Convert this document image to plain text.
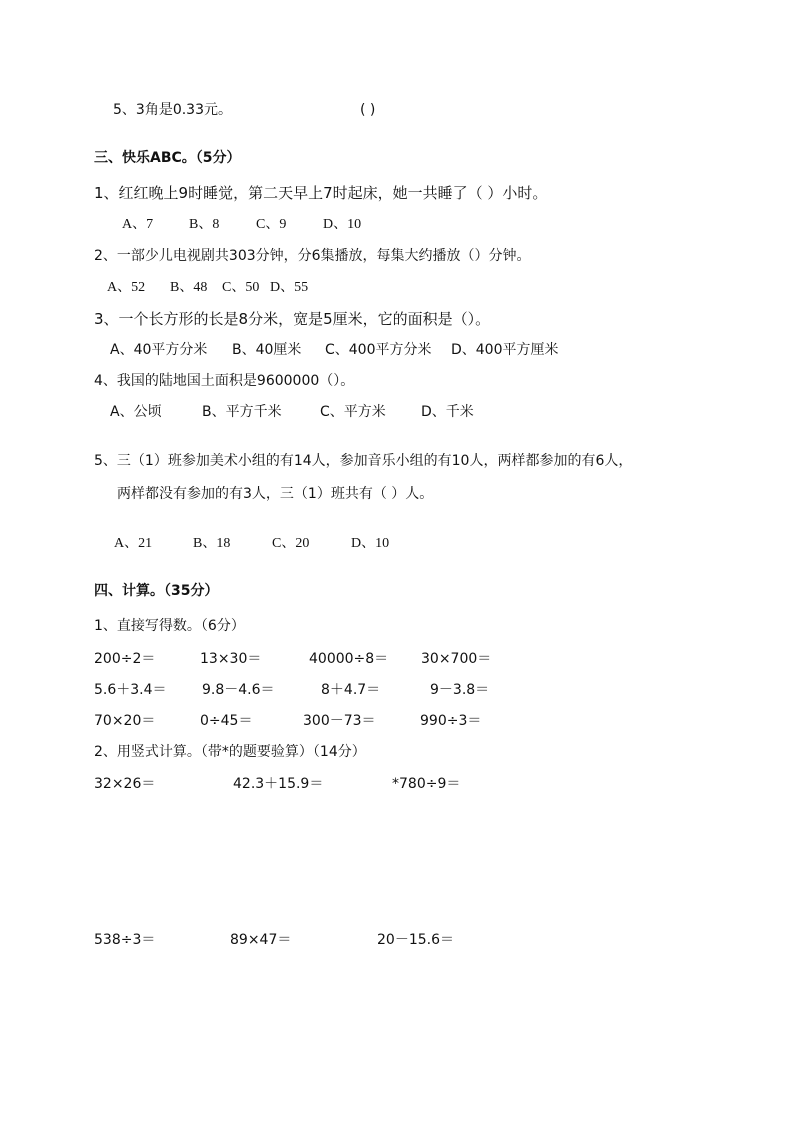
5、3角是0.33元。	( )
三、快乐ABC。（5分）
1、红红晚上9时睡觉，第二天早上7时起床，她一共睡了（ ）小时。
A、7	B、8	C、9	D、10
2、一部少儿电视剧共303分钟，分6集播放，每集大约播放（）分钟。
A、52 B、48 C、50 D、55
3、一个长方形的长是8分米，宽是5厘米，它的面积是（）。
A、40平方分米 B、40厘米 C、400平方分米 D、400平方厘米
4、我国的陆地国土面积是9600000（）。
A、公顷	B、平方千米	C、平方米	D、千米
5、三（1）班参加美术小组的有14人，参加音乐小组的有10人，两样都参加的有6人，
两样都没有参加的有3人，三（1）班共有（ ）人。
A、21	B、18	C、20	D、10
四、计算。（35分）
1、直接写得数。（6分）
200÷2＝	13×30＝	40000÷8＝ 30×700＝
5.6＋3.4＝	9.8－4.6＝	8＋4.7＝	9－3.8＝
70×20＝	0÷45＝	300－73＝	990÷3＝
2、用竖式计算。（带*的题要验算）（14分）
32×26＝	42.3＋15.9＝	*780÷9＝
538÷3＝	89×47＝	20－15.6＝
